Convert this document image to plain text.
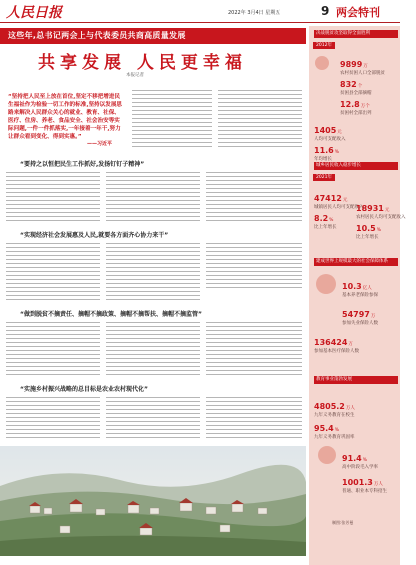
人民日报	2022年 3月4日 星期五	9 两会特刊
这些年,总书记两会上与代表委员共商高质量发展
共享发展 人民更幸福
本报记者
“坚持把人民至上放在首位,坚定不移把增进民生福祉作为检验一切工作的标准,坚持以发展思路来解决人民群众关心的就业、教育、社保、医疗、住房、养老、食品安全、社会治安等实际问题,一件一件抓落实,一年接着一年干,努力让群众看到变化、得到实惠。”
——习近平
“要持之以恒把民生工作抓好,发扬钉钉子精神”
“实现经济社会发展惠及人民,就要各方面齐心协力来干”
“做到脱贫不摘责任、摘帽不摘政策、摘帽不摘帮扶、摘帽不摘监管”
“实施乡村振兴战略的总目标是农业农村现代化”
决战脱贫攻坚取得全面胜利
2012年
9899万
农村贫困人口全部脱贫
832个
贫困县全部摘帽
12.8万个
贫困村全部出列
1405元
人均可支配收入
11.6%
年均增长
城乡居民收入稳步增长
2021年
47412元
城镇居民人均可支配收入
8.2%
比上年增长
18931元
农村居民人均可支配收入
10.5%
比上年增长
建成世界上规模最大的社会保障体系
10.3亿人
基本养老保险参保
54797万
参加失业保险人数
136424万
参加基本医疗保险人数
教育事业蓬勃发展
4805.2万人
九年义务教育在校生
95.4%
九年义务教育巩固率
91.4%
高中阶段毛入学率
1001.3万人
普通、职业本专科招生
制图:张芳曼
